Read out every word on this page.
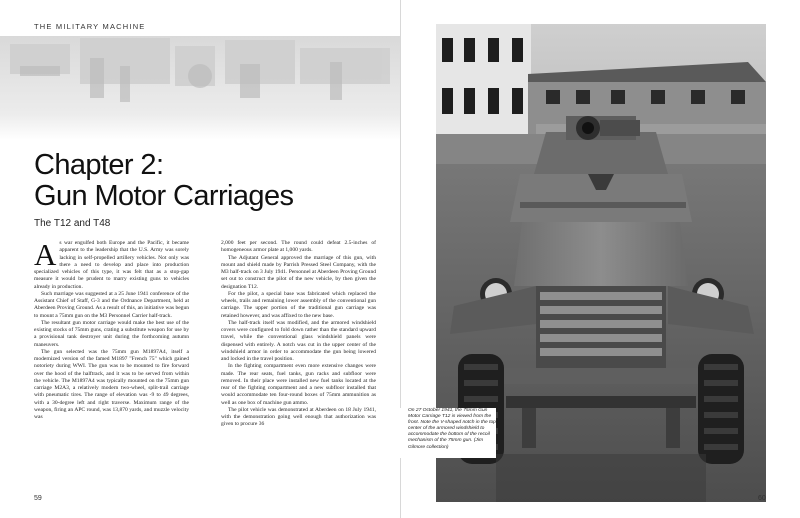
THE MILITARY MACHINE
Chapter 2:
Gun Motor Carriages
The T12 and T48

As war engulfed both Europe and the Pacific, it became apparent to the leadership that the U.S. Army was sorely lacking in self-propelled artillery vehicles. Not only was there a need to develop and place into production specialized vehicles of this type, it was felt that as a stop-gap measure it would be prudent to marry existing guns to vehicles already in production.

Such marriage was suggested at a 25 June 1941 conference of the Assistant Chief of Staff, G-3 and the Ordnance Department, held at Aberdeen Proving Ground. As a result of this, an initiative was begun to mount a 75mm gun on the M3 Personnel Carrier half-track.

The resultant gun motor carriage would make the best use of the existing stocks of 75mm guns, crating a substitute weapon for use by a provisional tank destroyer unit during the forthcoming autumn maneuvers.

The gun selected was the 75mm gun M1897A4, itself a modernized version of the famed M1897 "French 75" which gained notoriety during WWI. The gun was to be mounted to fire forward over the hood of the halftrack, and it was to be served from within the vehicle. The M1897A4 was typically mounted on the 75mm gun carriage M2A3, a relatively modern two-wheel, split-trail carriage with pneumatic tires. The range of elevation was -9 to 49 degrees, with a 30-degree left and right traverse. Maximum range of the weapon, firing an APC round, was 13,870 yards, and muzzle velocity was

2,000 feet per second. The round could defeat 2.5-inches of homogeneous armor plate at 1,000 yards.

The Adjutant General approved the marriage of this gun, with mount and shield made by Parrish Pressed Steel Company, with the M3 half-track on 3 July 1941. Personnel at Aberdeen Proving Ground set out to construct the pilot of the new vehicle, by then given the designation T12.

For the pilot, a special base was fabricated which replaced the wheels, trails and remaining lower assembly of the conventional gun carriage. The upper portion of the traditional gun carriage was retained however, and was affixed to the new base.

The half-track itself was modified, and the armored windshield covers were configured to fold down rather than the standard upward travel, while the conventional glass windshield panels were dispensed with entirely. A notch was cut in the upper center of the windshield armor in order to accommodate the gun being lowered and locked in the travel position.

In the fighting compartment even more extensive changes were made. The rear seats, fuel tanks, gun racks and subfloor were removed. In their place were installed new fuel tanks located at the rear of the fighting compartment and a new subfloor installed that would accommodate ten four-round boxes of 75mm ammunition as well as one box of machine gun ammo.

The pilot vehicle was demonstrated at Aberdeen on 18 July 1941, with the demonstration going well enough that authorization was given to procure 36

59
On 27 October 1941, the 75mm Gun Motor Carriage T12 is viewed from the front. Note the V-shaped notch in the top center of the armored windshield to accommodate the bottom of the recoil mechanism of the 75mm gun. (Jim Gilmore collection)
60
